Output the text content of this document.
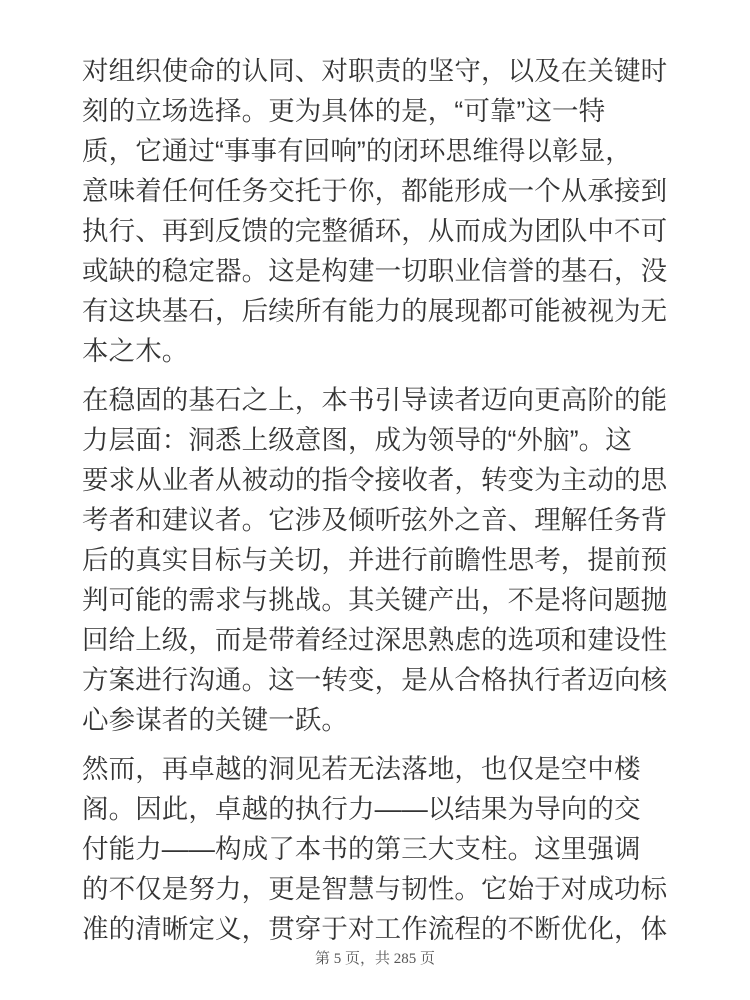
对组织使命的认同、对职责的坚守，以及在关键时
刻的立场选择。更为具体的是，“可靠”这一特
质，它通过“事事有回响”的闭环思维得以彰显，
意味着任何任务交托于你，都能形成一个从承接到
执行、再到反馈的完整循环，从而成为团队中不可
或缺的稳定器。这是构建一切职业信誉的基石，没
有这块基石，后续所有能力的展现都可能被视为无
本之木。

在稳固的基石之上，本书引导读者迈向更高阶的能
力层面：洞悉上级意图，成为领导的“外脑”。这
要求从业者从被动的指令接收者，转变为主动的思
考者和建议者。它涉及倾听弦外之音、理解任务背
后的真实目标与关切，并进行前瞻性思考，提前预
判可能的需求与挑战。其关键产出，不是将问题抛
回给上级，而是带着经过深思熟虑的选项和建设性
方案进行沟通。这一转变，是从合格执行者迈向核
心参谋者的关键一跃。

然而，再卓越的洞见若无法落地，也仅是空中楼
阁。因此，卓越的执行力——以结果为导向的交
付能力——构成了本书的第三大支柱。这里强调
的不仅是努力，更是智慧与韧性。它始于对成功标
准的清晰定义，贯穿于对工作流程的不断优化，体

第 5 页，共 285 页
